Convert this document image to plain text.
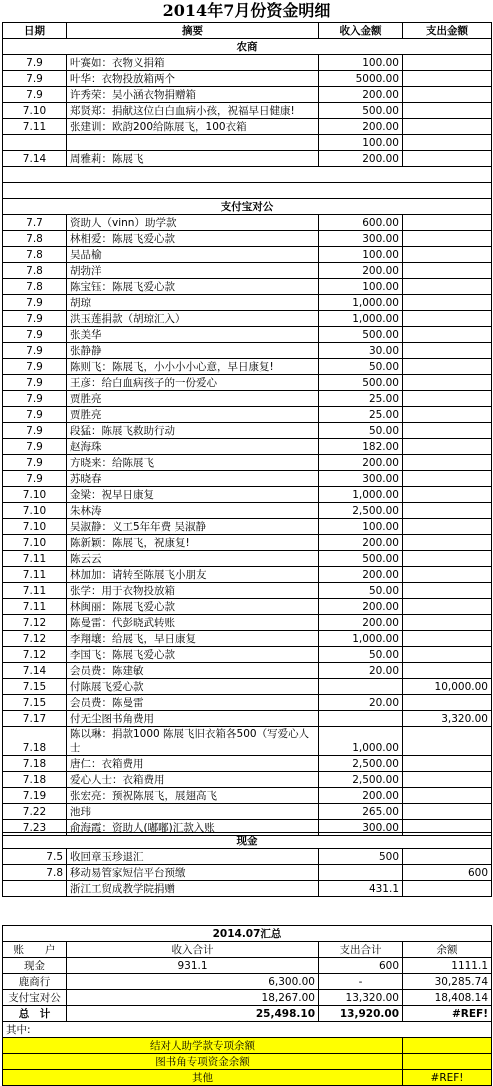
2014年7月份资金明细
日期	摘要	收入金额	支出金额
农商			
7.9	叶赛如：衣物义捐箱	100.00	
7.9	叶华：衣物投放箱两个	5000.00	
7.9	许秀荣：吴小涵衣物捐赠箱	200.00	
7.10	郑贤郑：捐献这位白白血病小孩，祝福早日健康!	500.00	
7.11	张建训：欧韵200给陈展飞，100衣箱	200.00	
		100.00	
7.14	周雅莉：陈展飞	200.00	

支付宝对公			
7.7	资助人（vinn）助学款	600.00	
7.8	林相爱：陈展飞爱心款	300.00	
7.8	吴品榆	100.00	
7.8	胡勃洋	200.00	
7.8	陈宝钰：陈展飞爱心款	100.00	
7.9	胡琼	1,000.00	
7.9	洪玉莲捐款（胡琼汇入）	1,000.00	
7.9	张美华	500.00	
7.9	张静静	30.00	
7.9	陈则飞：陈展飞，小小小小心意，早日康复!	50.00	
7.9	王彦：给白血病孩子的一份爱心	500.00	
7.9	贾胜亮	25.00	
7.9	贾胜亮	25.00	
7.9	段猛：陈展飞救助行动	50.00	
7.9	赵海珠	182.00	
7.9	方晓来：给陈展飞	200.00	
7.9	苏晓春	300.00	
7.10	金梁：祝早日康复	1,000.00	
7.10	朱林涛	2,500.00	
7.10	吴淑静：义工5年年费 吴淑静	100.00	
7.10	陈新颖：陈展飞，祝康复!	200.00	
7.11	陈云云	500.00	
7.11	林加加：请转至陈展飞小朋友	200.00	
7.11	张学：用于衣物投放箱	50.00	
7.11	林闽丽：陈展飞爱心款	200.00	
7.12	陈曼雷：代彭晓武转账	200.00	
7.12	李翔壤：给展飞，早日康复	1,000.00	
7.12	李国飞：陈展飞爱心款	50.00	
7.14	会员费：陈建敏	20.00	
7.15	付陈展飞爱心款		10,000.00
7.15	会员费：陈曼雷	20.00	
7.17	付无尘图书角费用		3,320.00
7.18	陈以琳：捐款1000 陈展飞旧衣箱各500（写爱心人士	1,000.00	
7.18	唐仁：衣箱费用	2,500.00	
7.18	爱心人士：衣箱费用	2,500.00	
7.19	张宏亮：预祝陈展飞，展翅高飞	200.00	
7.22	池玮	265.00	
7.23	俞海霞：资助人(嘟嘟)汇款入账	300.00	
现金			
7.5	收回章玉珍退汇	500	
7.8	移动易管家短信平台预缴		600
	浙江工贸成教学院捐赠	431.1	
2014.07汇总			
账　　户	收入合计	支出合计	余额
现金	931.1	600	1111.1
鹿商行	6,300.00	-	30,285.74
支付宝对公	18,267.00	13,320.00	18,408.14
总　计	25,498.10	13,920.00	#REF!
其中:			
结对人助学款专项余额			
图书角专项资金余额			
其他			#REF!
